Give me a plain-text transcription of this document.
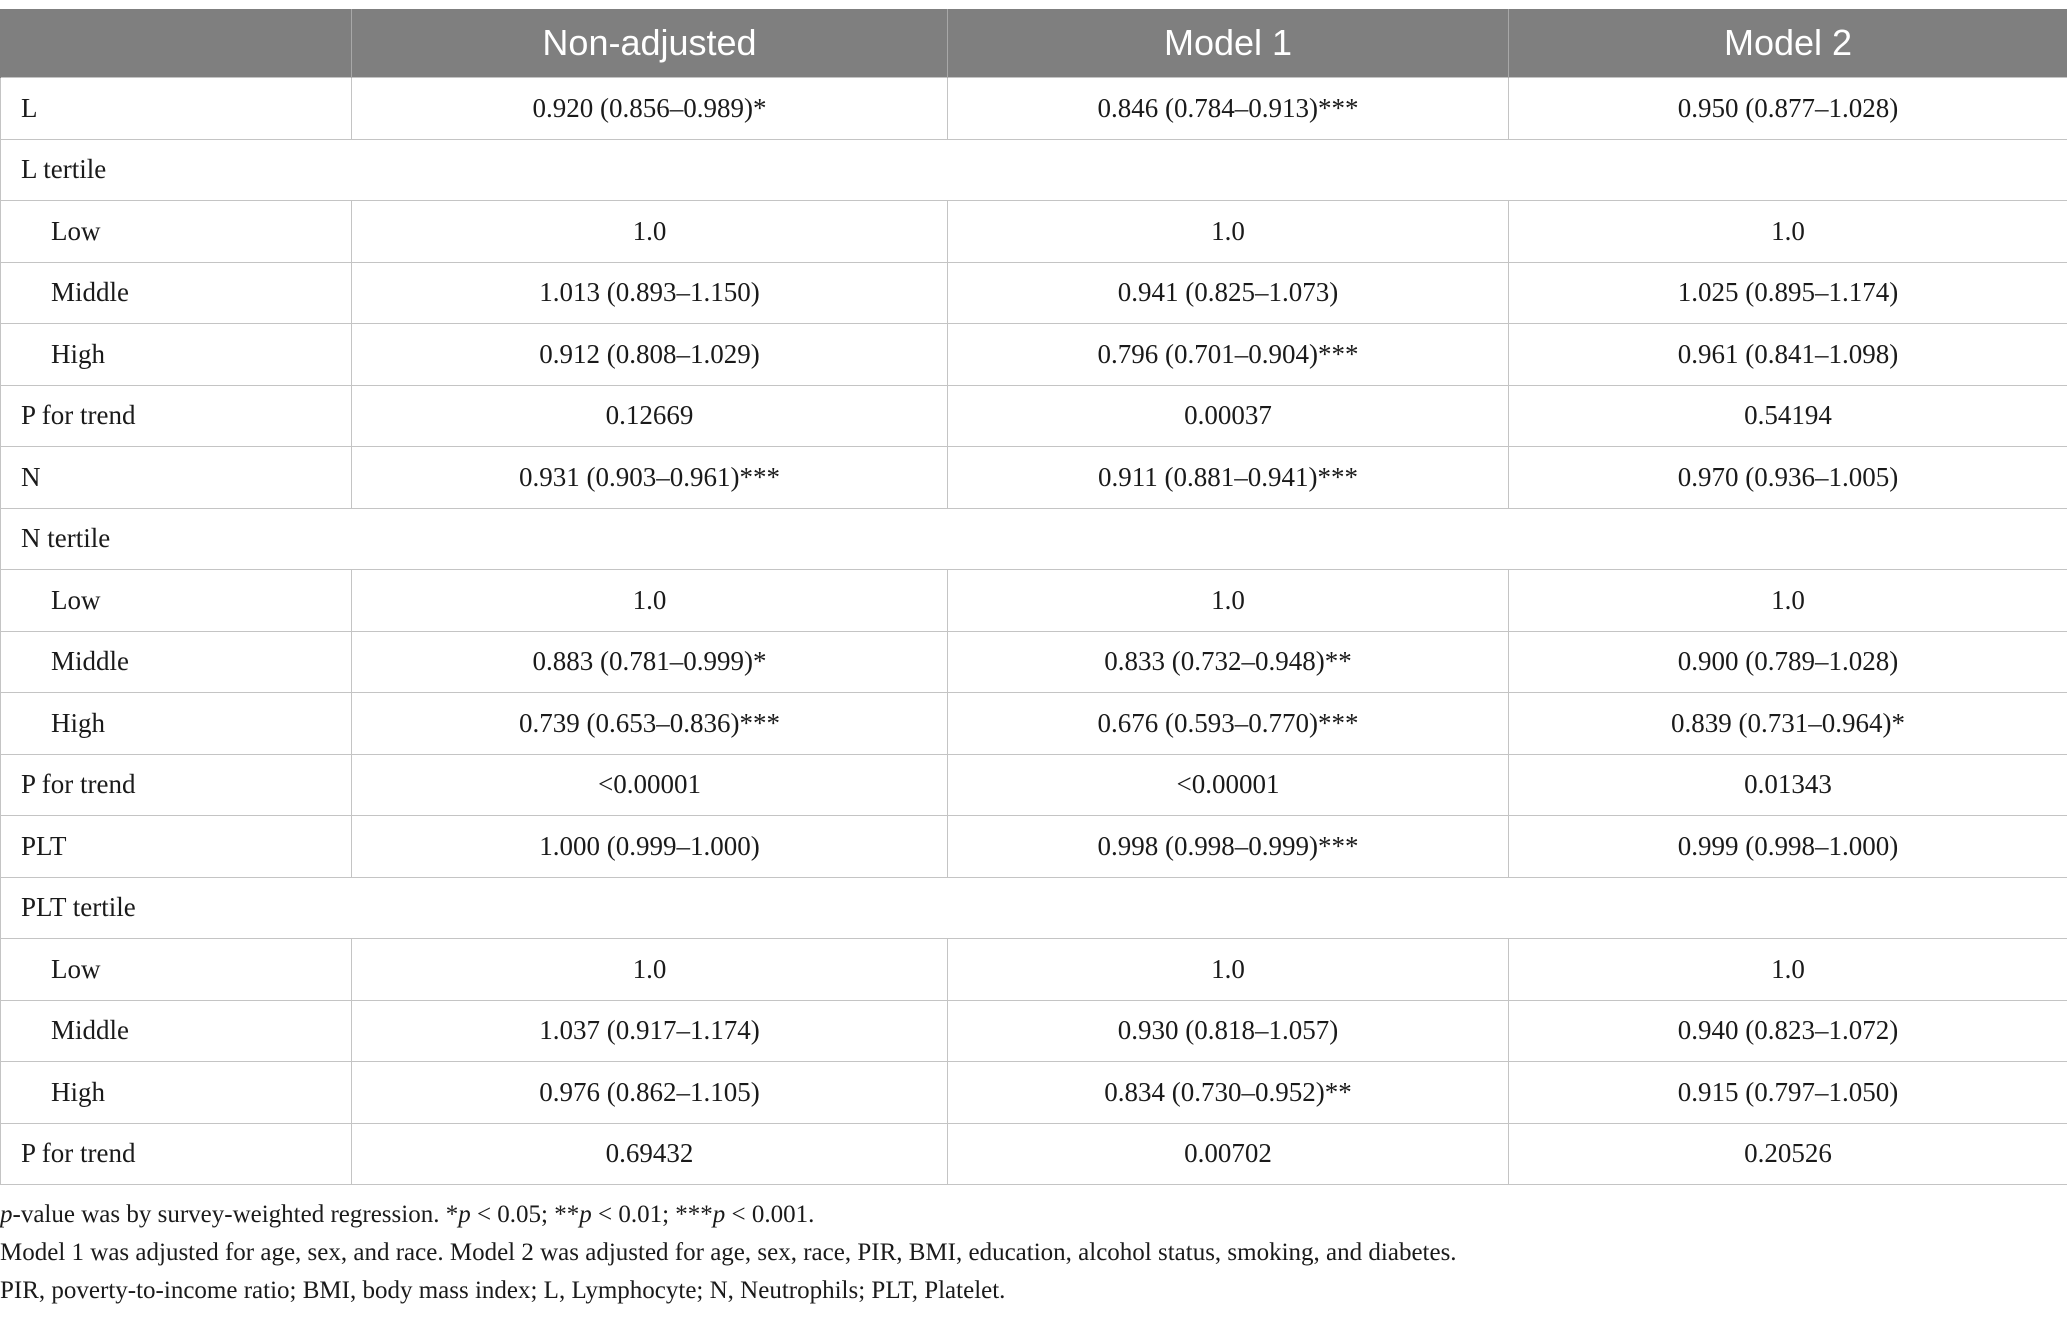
	Non-adjusted	Model 1	Model 2
L	0.920 (0.856–0.989)*	0.846 (0.784–0.913)***	0.950 (0.877–1.028)
L tertile			
Low	1.0	1.0	1.0
Middle	1.013 (0.893–1.150)	0.941 (0.825–1.073)	1.025 (0.895–1.174)
High	0.912 (0.808–1.029)	0.796 (0.701–0.904)***	0.961 (0.841–1.098)
P for trend	0.12669	0.00037	0.54194
N	0.931 (0.903–0.961)***	0.911 (0.881–0.941)***	0.970 (0.936–1.005)
N tertile			
Low	1.0	1.0	1.0
Middle	0.883 (0.781–0.999)*	0.833 (0.732–0.948)**	0.900 (0.789–1.028)
High	0.739 (0.653–0.836)***	0.676 (0.593–0.770)***	0.839 (0.731–0.964)*
P for trend	<0.00001	<0.00001	0.01343
PLT	1.000 (0.999–1.000)	0.998 (0.998–0.999)***	0.999 (0.998–1.000)
PLT tertile			
Low	1.0	1.0	1.0
Middle	1.037 (0.917–1.174)	0.930 (0.818–1.057)	0.940 (0.823–1.072)
High	0.976 (0.862–1.105)	0.834 (0.730–0.952)**	0.915 (0.797–1.050)
P for trend	0.69432	0.00702	0.20526

p-value was by survey-weighted regression. *p < 0.05; **p < 0.01; ***p < 0.001.

Model 1 was adjusted for age, sex, and race. Model 2 was adjusted for age, sex, race, PIR, BMI, education, alcohol status, smoking, and diabetes.

PIR, poverty-to-income ratio; BMI, body mass index; L, Lymphocyte; N, Neutrophils; PLT, Platelet.
